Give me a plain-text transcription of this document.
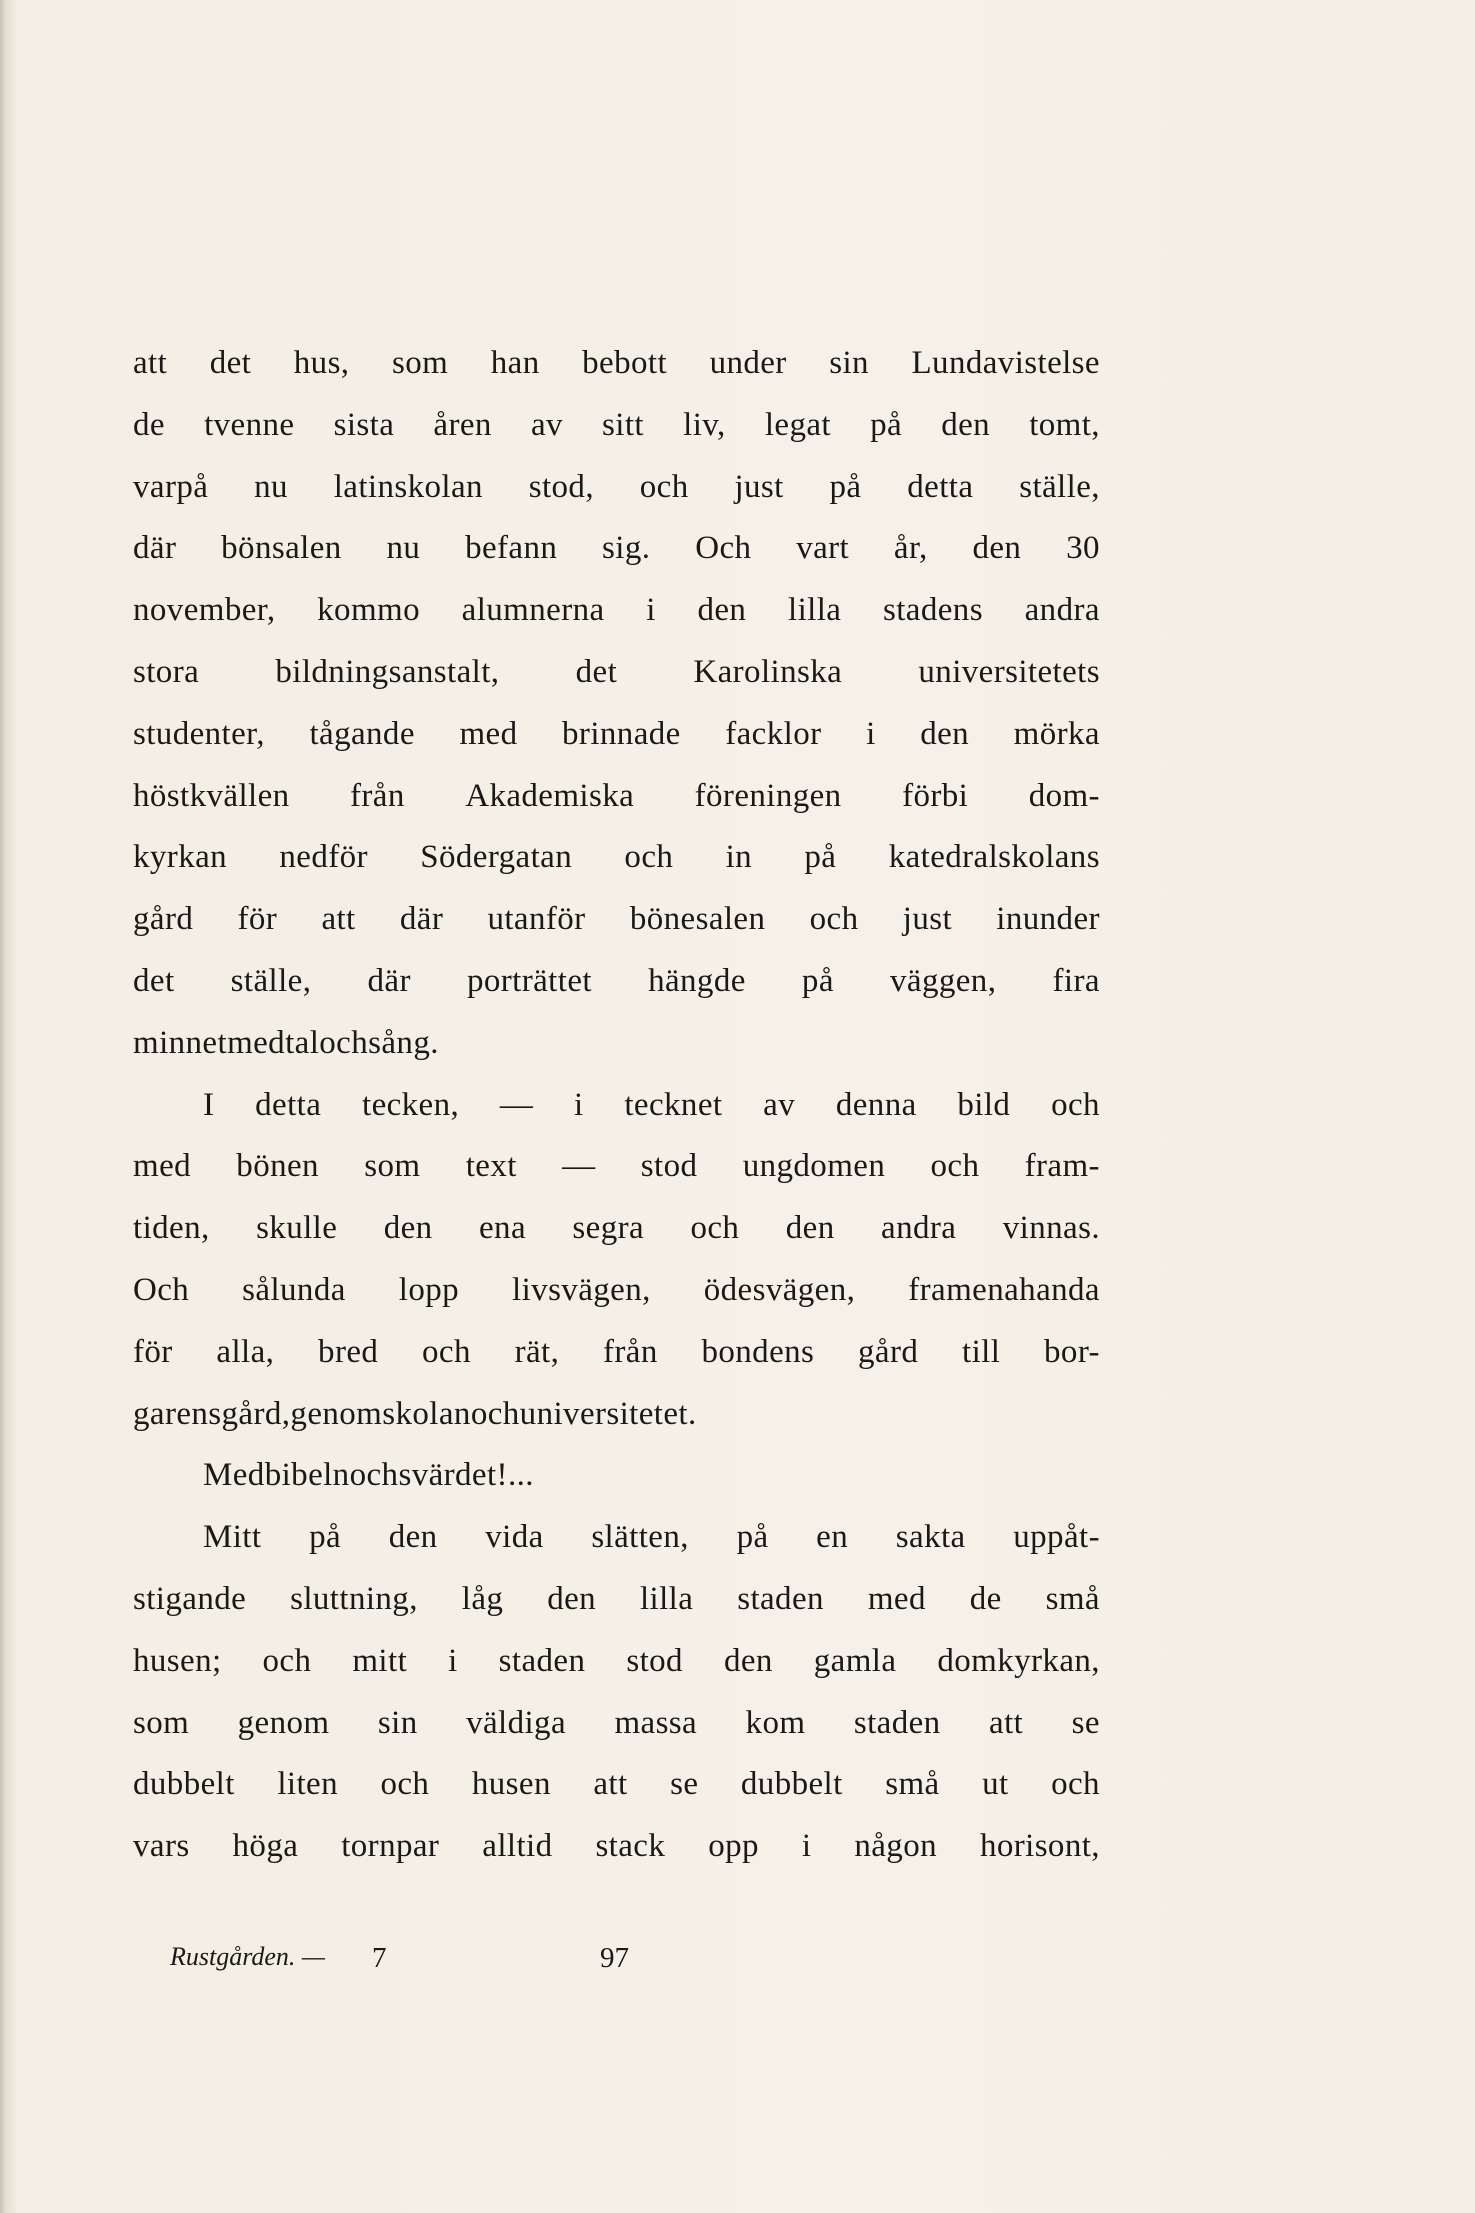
att det hus, som han bebott under sin Lundavistelse
de tvenne sista åren av sitt liv, legat på den tomt,
varpå nu latinskolan stod, och just på detta ställe,
där bönsalen nu befann sig. Och vart år, den 30
november, kommo alumnerna i den lilla stadens andra
stora bildningsanstalt, det Karolinska universitetets
studenter, tågande med brinnade facklor i den mörka
höstkvällen från Akademiska föreningen förbi dom-
kyrkan nedför Södergatan och in på katedralskolans
gård för att där utanför bönesalen och just inunder
det ställe, där porträttet hängde på väggen, fira
minnet med tal och sång.
I detta tecken, — i tecknet av denna bild och
med bönen som text — stod ungdomen och fram-
tiden, skulle den ena segra och den andra vinnas.
Och sålunda lopp livsvägen, ödesvägen, framenahanda
för alla, bred och rät, från bondens gård till bor-
garens gård, genom skolan och universitetet.
Med bibeln och svärdet! ...
Mitt på den vida slätten, på en sakta uppåt-
stigande sluttning, låg den lilla staden med de små
husen; och mitt i staden stod den gamla domkyrkan,
som genom sin väldiga massa kom staden att se
dubbelt liten och husen att se dubbelt små ut och
vars höga tornpar alltid stack opp i någon horisont,
Rustgården. — 7	97
